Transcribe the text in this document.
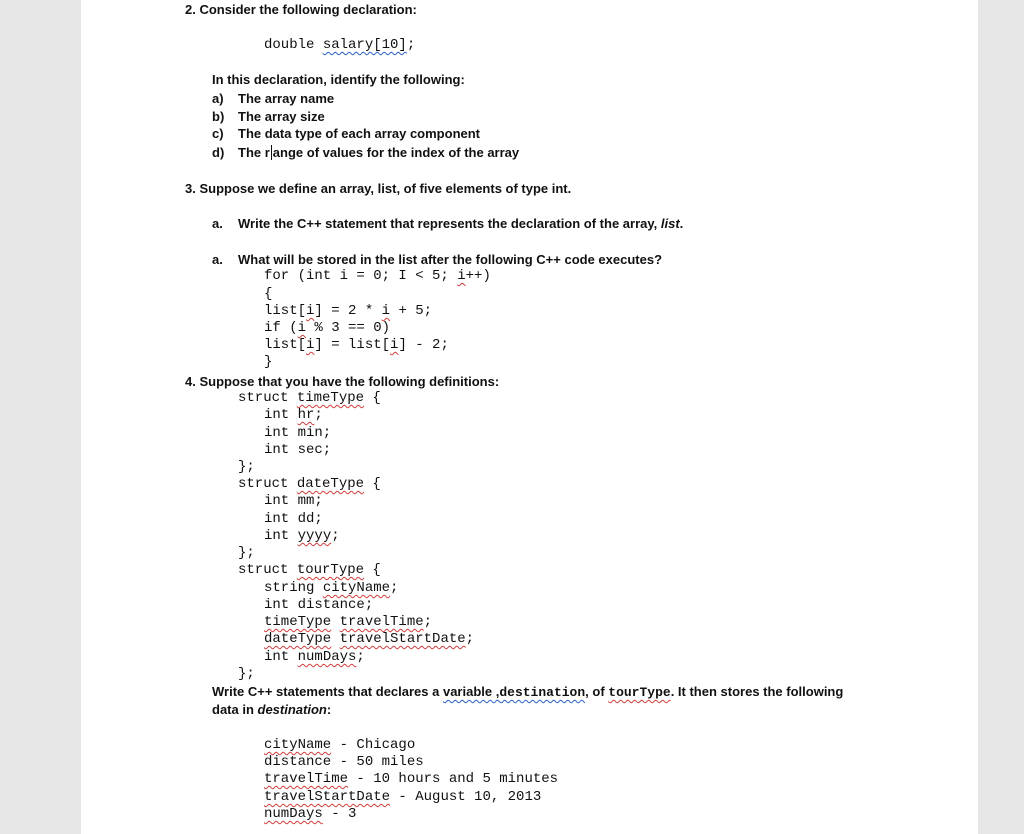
2. Consider the following declaration:
double salary[10];
In this declaration, identify the following:
a) The array name
b) The array size
c) The data type of each array component
d) The r ange of values for the index of the array
3. Suppose we define an array, list, of five elements of type int.
a. Write the C++ statement that represents the declaration of the array, list.
a. What will be stored in the list after the following C++ code executes?
for (int i = 0; I < 5; i++)
{
list[i] = 2 * i + 5;
if (i % 3 == 0)
list[i] = list[i] - 2;
}
4. Suppose that you have the following definitions:
struct timeType {
int hr;
int min;
int sec;
};
struct dateType {
int mm;
int dd;
int yyyy;
};
struct tourType {
string cityName;
int distance;
timeType travelTime;
dateType travelStartDate;
int numDays;
};
Write C++ statements that declares a variable ,destination, of tourType. It then stores the following
data in destination:
cityName - Chicago
distance - 50 miles
travelTime - 10 hours and 5 minutes
travelStartDate - August 10, 2013
numDays - 3
